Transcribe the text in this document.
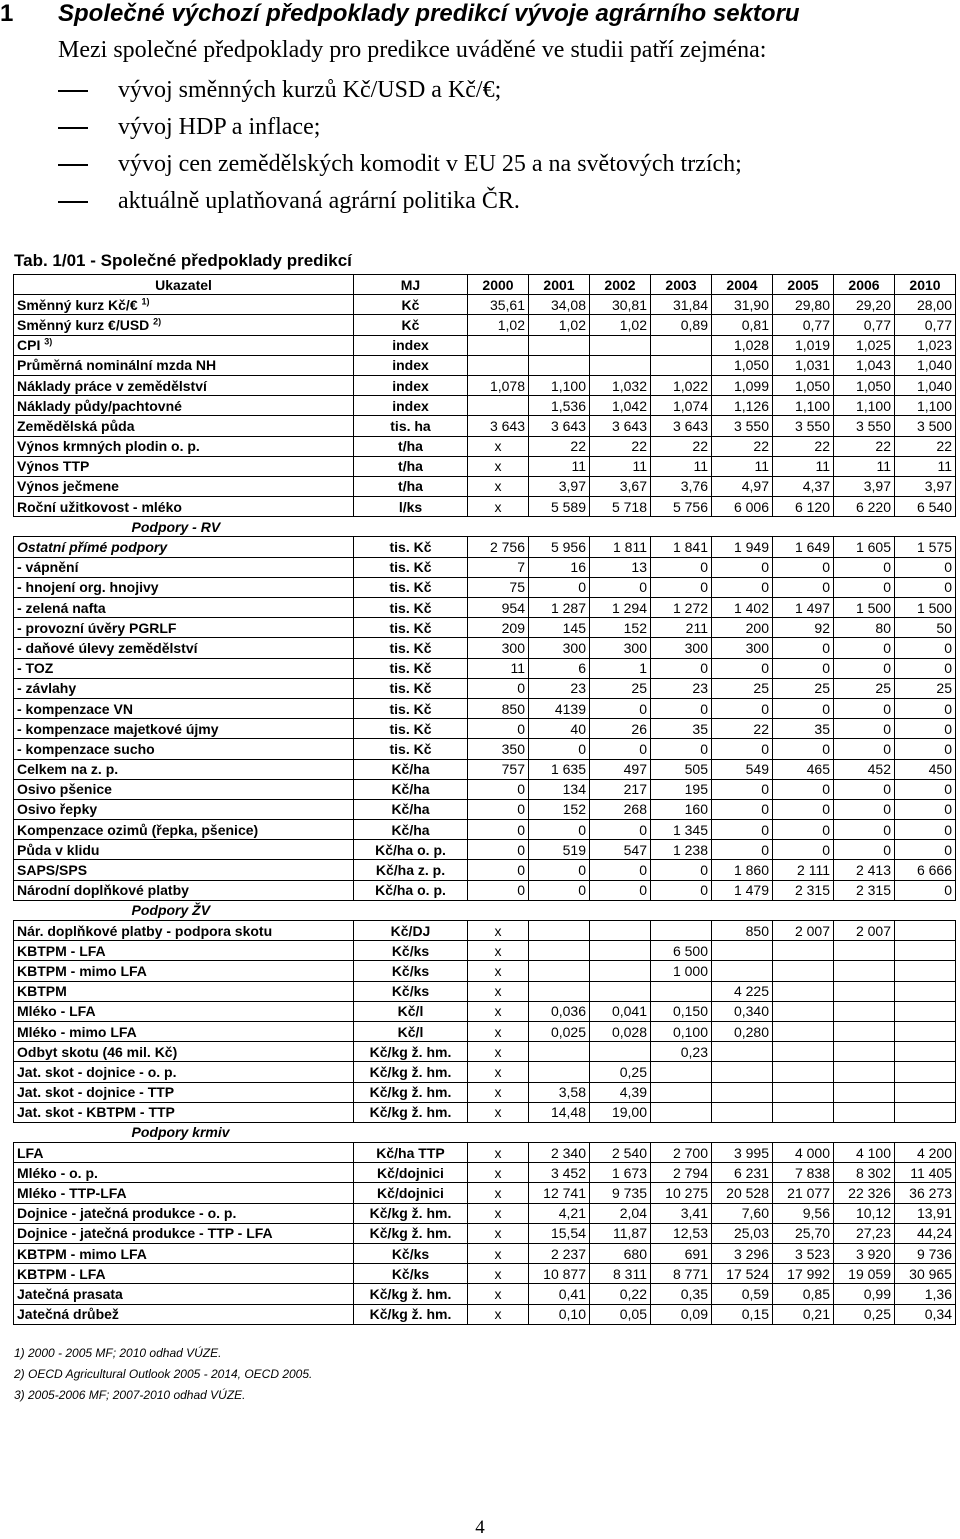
1 Společné výchozí předpoklady predikcí vývoje agrárního sektoru
Mezi společné předpoklady pro predikce uváděné ve studii patří zejména:
vývoj směnných kurzů Kč/USD a Kč/€;
vývoj HDP a inflace;
vývoj cen zemědělských komodit v EU 25 a na světových trzích;
aktuálně uplatňovaná agrární politika ČR.
Tab. 1/01 - Společné předpoklady predikcí
Ukazatel	MJ	2000	2001	2002	2003	2004	2005	2006	2010
Směnný kurz Kč/€ $^{1)}$	Kč	35,61	34,08	30,81	31,84	31,90	29,80	29,20	28,00
Směnný kurz €/USD $^{2)}$	Kč	1,02	1,02	1,02	0,89	0,81	0,77	0,77	0,77
CPI $^{3)}$	index					1,028	1,019	1,025	1,023
Průměrná nominální mzda NH	index					1,050	1,031	1,043	1,040
Náklady práce v zemědělství	index	1,078	1,100	1,032	1,022	1,099	1,050	1,050	1,040
Náklady půdy/pachtovné	index		1,536	1,042	1,074	1,126	1,100	1,100	1,100
Zemědělská půda	tis. ha	3 643	3 643	3 643	3 643	3 550	3 550	3 550	3 500
Výnos krmných plodin o. p.	t/ha	x	22	22	22	22	22	22	22
Výnos TTP	t/ha	x	11	11	11	11	11	11	11
Výnos ječmene	t/ha	x	3,97	3,67	3,76	4,97	4,37	3,97	3,97
Roční užitkovost - mléko	l/ks	x	5 589	5 718	5 756	6 006	6 120	6 220	6 540
Podpory - RV									
Ostatní přímé podpory	tis. Kč	2 756	5 956	1 811	1 841	1 949	1 649	1 605	1 575
- vápnění	tis. Kč	7	16	13	0	0	0	0	0
- hnojení org. hnojivy	tis. Kč	75	0	0	0	0	0	0	0
- zelená nafta	tis. Kč	954	1 287	1 294	1 272	1 402	1 497	1 500	1 500
- provozní úvěry PGRLF	tis. Kč	209	145	152	211	200	92	80	50
- daňové úlevy zemědělství	tis. Kč	300	300	300	300	300	0	0	0
- TOZ	tis. Kč	11	6	1	0	0	0	0	0
- závlahy	tis. Kč	0	23	25	23	25	25	25	25
- kompenzace VN	tis. Kč	850	4139	0	0	0	0	0	0
- kompenzace majetkové újmy	tis. Kč	0	40	26	35	22	35	0	0
- kompenzace sucho	tis. Kč	350	0	0	0	0	0	0	0
Celkem na z. p.	Kč/ha	757	1 635	497	505	549	465	452	450
Osivo pšenice	Kč/ha	0	134	217	195	0	0	0	0
Osivo řepky	Kč/ha	0	152	268	160	0	0	0	0
Kompenzace ozimů (řepka, pšenice)	Kč/ha	0	0	0	1 345	0	0	0	0
Půda v klidu	Kč/ha o. p.	0	519	547	1 238	0	0	0	0
SAPS/SPS	Kč/ha z. p.	0	0	0	0	1 860	2 111	2 413	6 666
Národní doplňkové platby	Kč/ha o. p.	0	0	0	0	1 479	2 315	2 315	0
Podpory ŽV									
Nár. doplňkové platby - podpora skotu	Kč/DJ	x				850	2 007	2 007	
KBTPM - LFA	Kč/ks	x			6 500				
KBTPM - mimo LFA	Kč/ks	x			1 000				
KBTPM	Kč/ks	x				4 225			
Mléko - LFA	Kč/l	x	0,036	0,041	0,150	0,340			
Mléko - mimo LFA	Kč/l	x	0,025	0,028	0,100	0,280			
Odbyt skotu (46 mil. Kč)	Kč/kg ž. hm.	x			0,23				
Jat. skot - dojnice - o. p.	Kč/kg ž. hm.	x		0,25					
Jat. skot - dojnice - TTP	Kč/kg ž. hm.	x	3,58	4,39					
Jat. skot - KBTPM - TTP	Kč/kg ž. hm.	x	14,48	19,00					
Podpory krmiv									
LFA	Kč/ha TTP	x	2 340	2 540	2 700	3 995	4 000	4 100	4 200
Mléko - o. p.	Kč/dojnici	x	3 452	1 673	2 794	6 231	7 838	8 302	11 405
Mléko - TTP-LFA	Kč/dojnici	x	12 741	9 735	10 275	20 528	21 077	22 326	36 273
Dojnice - jatečná produkce - o. p.	Kč/kg ž. hm.	x	4,21	2,04	3,41	7,60	9,56	10,12	13,91
Dojnice - jatečná produkce - TTP - LFA	Kč/kg ž. hm.	x	15,54	11,87	12,53	25,03	25,70	27,23	44,24
KBTPM - mimo LFA	Kč/ks	x	2 237	680	691	3 296	3 523	3 920	9 736
KBTPM - LFA	Kč/ks	x	10 877	8 311	8 771	17 524	17 992	19 059	30 965
Jatečná prasata	Kč/kg ž. hm.	x	0,41	0,22	0,35	0,59	0,85	0,99	1,36
Jatečná drůbež	Kč/kg ž. hm.	x	0,10	0,05	0,09	0,15	0,21	0,25	0,34
1) 2000 - 2005 MF; 2010 odhad VÚZE.
2) OECD Agricultural Outlook 2005 - 2014, OECD 2005.
3) 2005-2006 MF; 2007-2010 odhad VÚZE.
4
